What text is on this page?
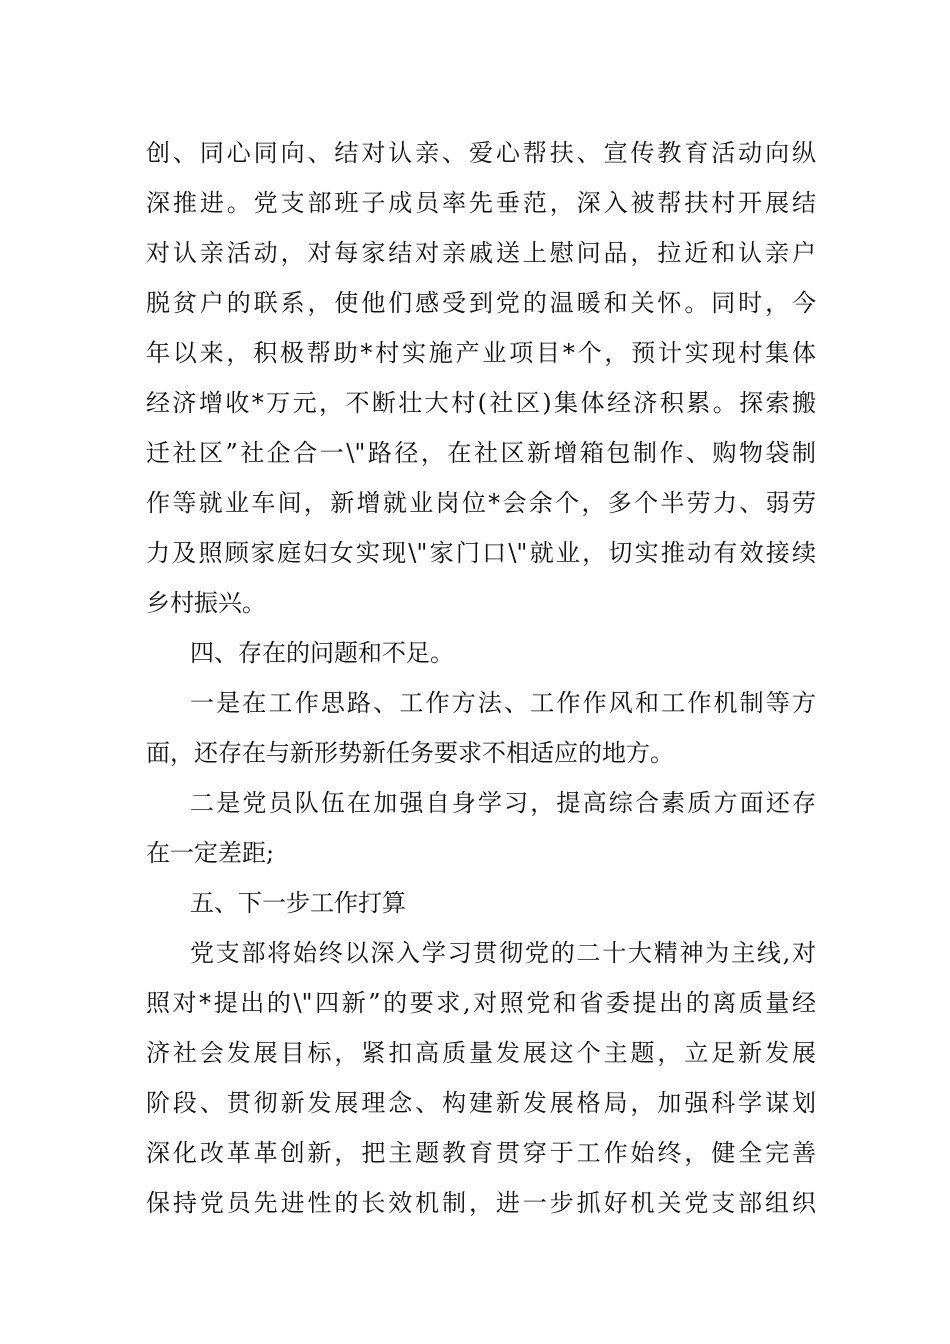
创、同心同向、结对认亲、爱心帮扶、宣传教育活动向纵
深推进。党支部班子成员率先垂范，深入被帮扶村开展结
对认亲活动，对每家结对亲戚送上慰问品，拉近和认亲户
脱贫户的联系，使他们感受到党的温暖和关怀。同时，今
年以来，积极帮助*村实施产业项目*个，预计实现村集体
经济增收*万元，不断壮大村(社区)集体经济积累。探索搬
迁社区”社企合一\"路径，在社区新增箱包制作、购物袋制
作等就业车间，新增就业岗位*会余个，多个半劳力、弱劳
力及照顾家庭妇女实现\"家门口\"就业，切实推动有效接续
乡村振兴。
四、存在的问题和不足。
一是在工作思路、工作方法、工作作风和工作机制等方
面，还存在与新形势新任务要求不相适应的地方。
二是党员队伍在加强自身学习，提高综合素质方面还存
在一定差距;
五、下一步工作打算
党支部将始终以深入学习贯彻党的二十大精神为主线,对
照对*提出的\"四新”的要求,对照党和省委提出的离质量经
济社会发展目标，紧扣高质量发展这个主题，立足新发展
阶段、贯彻新发展理念、构建新发展格局，加强科学谋划
深化改革革创新，把主题教育贯穿于工作始终，健全完善
保持党员先进性的长效机制，进一步抓好机关党支部组织
